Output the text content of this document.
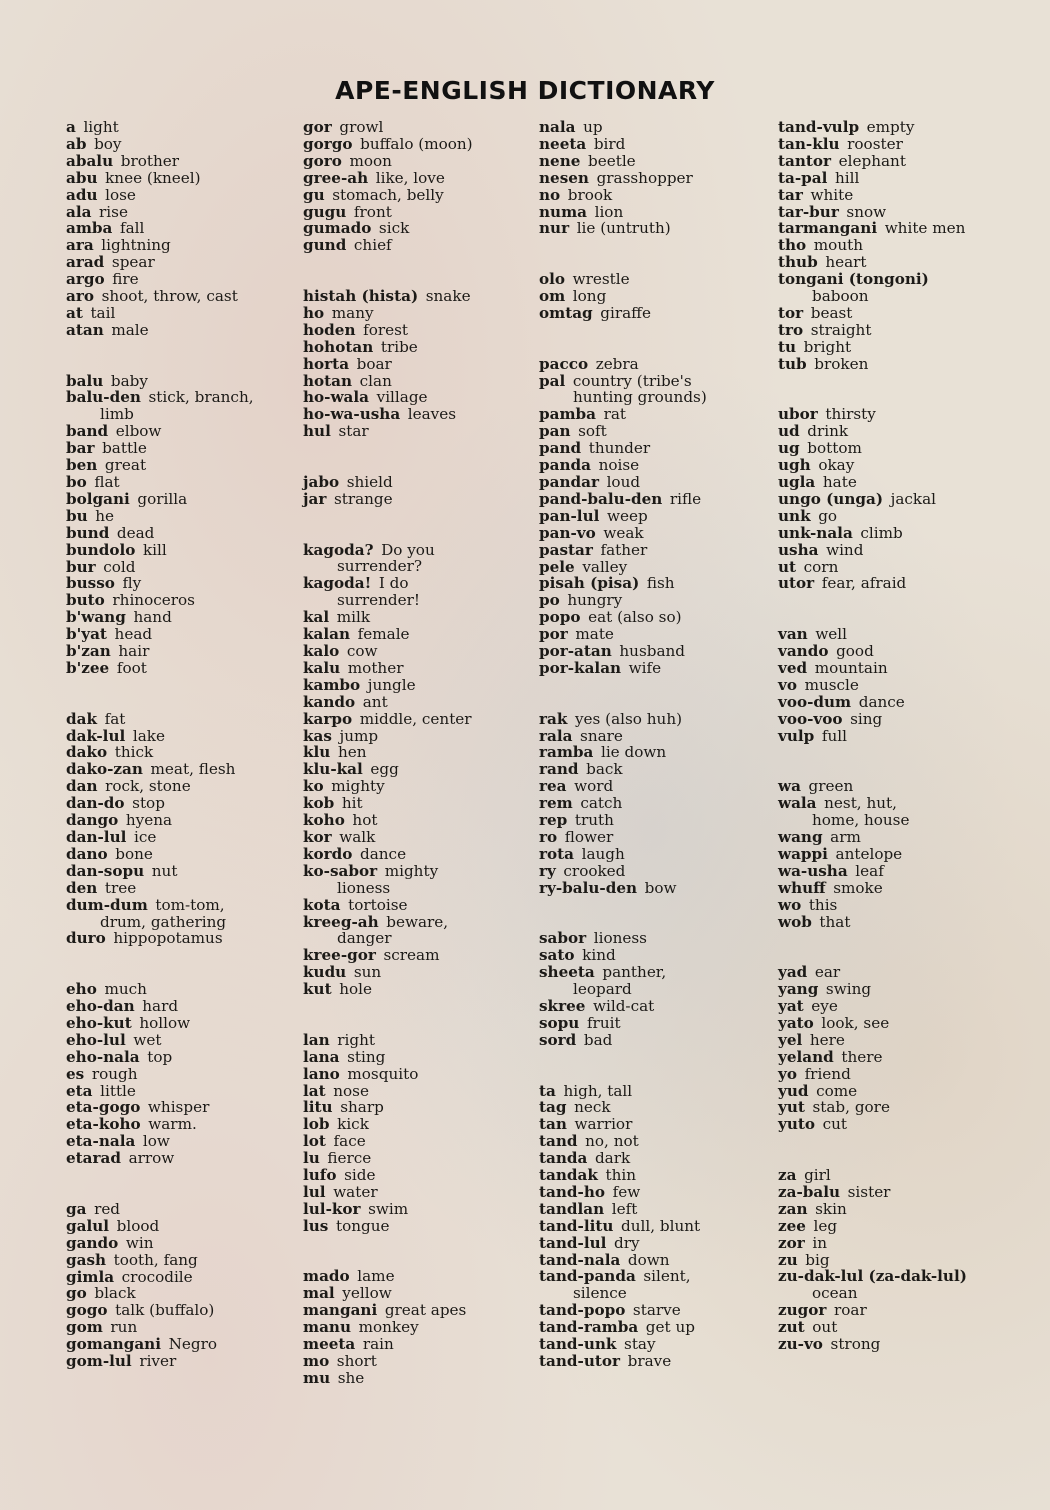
APE-ENGLISH DICTIONARY
a  light
ab  boy
abalu  brother
abu  knee (kneel)
adu  lose
ala  rise
amba  fall
ara  lightning
arad  spear
argo  fire
aro  shoot, throw, cast
at  tail
atan  male
balu  baby
balu-den  stick, branch,
limb
band  elbow
bar  battle
ben  great
bo  flat
bolgani  gorilla
bu  he
bund  dead
bundolo  kill
bur  cold
busso  fly
buto  rhinoceros
b'wang  hand
b'yat  head
b'zan  hair
b'zee  foot
dak  fat
dak-lul  lake
dako  thick
dako-zan  meat, flesh
dan  rock, stone
dan-do  stop
dango  hyena
dan-lul  ice
dano  bone
dan-sopu  nut
den  tree
dum-dum  tom-tom,
drum, gathering
duro  hippopotamus
eho  much
eho-dan  hard
eho-kut  hollow
eho-lul  wet
eho-nala  top
es  rough
eta  little
eta-gogo  whisper
eta-koho  warm.
eta-nala  low
etarad  arrow
ga  red
galul  blood
gando  win
gash  tooth, fang
gimla  crocodile
go  black
gogo  talk (buffalo)
gom  run
gomangani  Negro
gom-lul  river
gor  growl
gorgo  buffalo (moon)
goro  moon
gree-ah  like, love
gu  stomach, belly
gugu  front
gumado  sick
gund  chief
histah (hista)  snake
ho  many
hoden  forest
hohotan  tribe
horta  boar
hotan  clan
ho-wala  village
ho-wa-usha  leaves
hul  star
jabo  shield
jar  strange
kagoda?  Do you
surrender?
kagoda!  I do
surrender!
kal  milk
kalan  female
kalo  cow
kalu  mother
kambo  jungle
kando  ant
karpo  middle, center
kas  jump
klu  hen
klu-kal  egg
ko  mighty
kob  hit
koho  hot
kor  walk
kordo  dance
ko-sabor  mighty
lioness
kota  tortoise
kreeg-ah  beware,
danger
kree-gor  scream
kudu  sun
kut  hole
lan  right
lana  sting
lano  mosquito
lat  nose
litu  sharp
lob  kick
lot  face
lu  fierce
lufo  side
lul  water
lul-kor  swim
lus  tongue
mado  lame
mal  yellow
mangani  great apes
manu  monkey
meeta  rain
mo  short
mu  she
nala  up
neeta  bird
nene  beetle
nesen  grasshopper
no  brook
numa  lion
nur  lie (untruth)
olo  wrestle
om  long
omtag  giraffe
pacco  zebra
pal  country (tribe's
hunting grounds)
pamba  rat
pan  soft
pand  thunder
panda  noise
pandar  loud
pand-balu-den  rifle
pan-lul  weep
pan-vo  weak
pastar  father
pele  valley
pisah (pisa)  fish
po  hungry
popo  eat (also so)
por  mate
por-atan  husband
por-kalan  wife
rak  yes (also huh)
rala  snare
ramba  lie down
rand  back
rea  word
rem  catch
rep  truth
ro  flower
rota  laugh
ry  crooked
ry-balu-den  bow
sabor  lioness
sato  kind
sheeta  panther,
leopard
skree  wild-cat
sopu  fruit
sord  bad
ta  high, tall
tag  neck
tan  warrior
tand  no, not
tanda  dark
tandak  thin
tand-ho  few
tandlan  left
tand-litu  dull, blunt
tand-lul  dry
tand-nala  down
tand-panda  silent,
silence
tand-popo  starve
tand-ramba  get up
tand-unk  stay
tand-utor  brave
tand-vulp  empty
tan-klu  rooster
tantor  elephant
ta-pal  hill
tar  white
tar-bur  snow
tarmangani  white men
tho  mouth
thub  heart
tongani (tongoni) 
baboon
tor  beast
tro  straight
tu  bright
tub  broken
ubor  thirsty
ud  drink
ug  bottom
ugh  okay
ugla  hate
ungo (unga)  jackal
unk  go
unk-nala  climb
usha  wind
ut  corn
utor  fear, afraid
van  well
vando  good
ved  mountain
vo  muscle
voo-dum  dance
voo-voo  sing
vulp  full
wa  green
wala  nest, hut,
home, house
wang  arm
wappi  antelope
wa-usha  leaf
whuff  smoke
wo  this
wob  that
yad  ear
yang  swing
yat  eye
yato  look, see
yel  here
yeland  there
yo  friend
yud  come
yut  stab, gore
yuto  cut
za  girl
za-balu  sister
zan  skin
zee  leg
zor  in
zu  big
zu-dak-lul (za-dak-lul) 
ocean
zugor  roar
zut  out
zu-vo  strong
